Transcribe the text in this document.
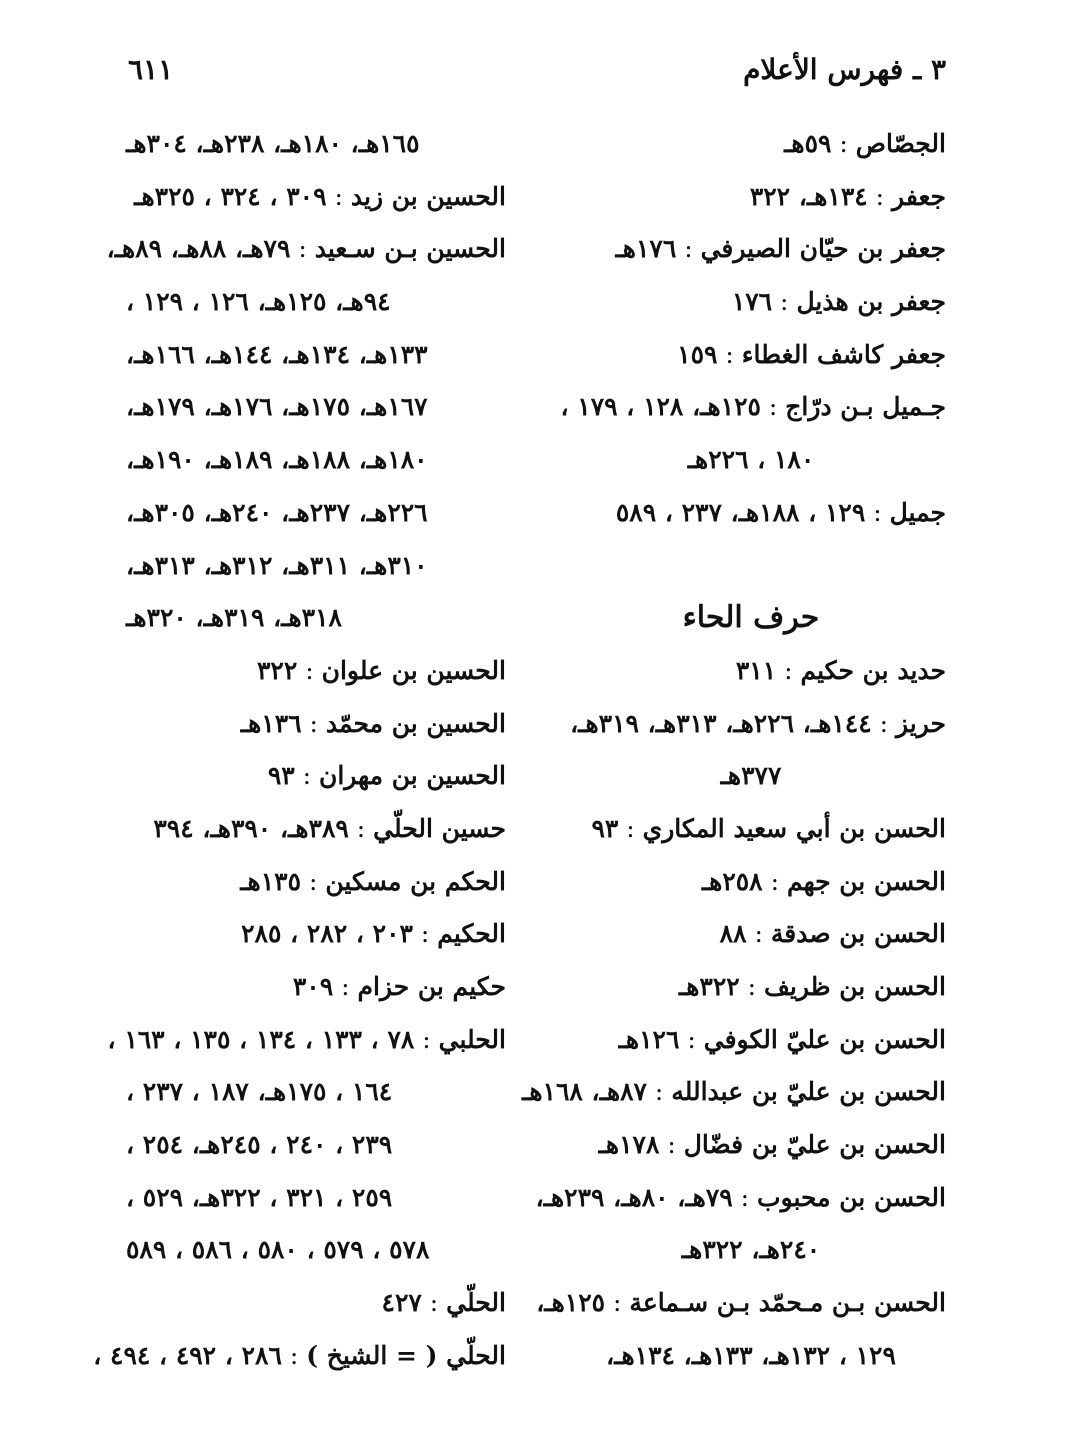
٣ ـ فهرس الأعلام
٦١١
الجصّاص : ٥٩هـ
جعفر : ١٣٤هـ، ٣٢٢
جعفر بن حيّان الصيرفي : ١٧٦هـ
جعفر بن هذيل : ١٧٦
جعفر كاشف الغطاء : ١٥٩
جـميل بـن درّاج : ١٢٥هـ، ١٢٨ ، ١٧٩ ،
١٨٠ ، ٢٢٦هـ
جميل : ١٢٩ ، ١٨٨هـ، ٢٣٧ ، ٥٨٩
حرف الحاء
حديد بن حكيم : ٣١١
حريز : ١٤٤هـ، ٢٢٦هـ، ٣١٣هـ، ٣١٩هـ،
٣٧٧هـ
الحسن بن أبي سعيد المكاري : ٩٣
الحسن بن جهم : ٢٥٨هـ
الحسن بن صدقة : ٨٨
الحسن بن ظريف : ٣٢٢هـ
الحسن بن عليّ الكوفي : ١٢٦هـ
الحسن بن عليّ بن عبدالله : ٨٧هـ، ١٦٨هـ
الحسن بن عليّ بن فضّال : ١٧٨هـ
الحسن بن محبوب : ٧٩هـ، ٨٠هـ، ٢٣٩هـ،
٢٤٠هـ، ٣٢٢هـ
الحسن بـن مـحمّد بـن سـماعة : ١٢٥هـ،
١٢٩ ، ١٣٢هـ، ١٣٣هـ، ١٣٤هـ،
١٦٥هـ، ١٨٠هـ، ٢٣٨هـ، ٣٠٤هـ
الحسين بن زيد : ٣٠٩ ، ٣٢٤ ، ٣٢٥هـ
الحسين بـن سـعيد : ٧٩هـ، ٨٨هـ، ٨٩هـ،
٩٤هـ، ١٢٥هـ، ١٢٦ ، ١٢٩ ،
١٣٣هـ، ١٣٤هـ، ١٤٤هـ، ١٦٦هـ،
١٦٧هـ، ١٧٥هـ، ١٧٦هـ، ١٧٩هـ،
١٨٠هـ، ١٨٨هـ، ١٨٩هـ، ١٩٠هـ،
٢٢٦هـ، ٢٣٧هـ، ٢٤٠هـ، ٣٠٥هـ،
٣١٠هـ، ٣١١هـ، ٣١٢هـ، ٣١٣هـ،
٣١٨هـ، ٣١٩هـ، ٣٢٠هـ
الحسين بن علوان : ٣٢٢
الحسين بن محمّد : ١٣٦هـ
الحسين بن مهران : ٩٣
حسين الحلّي : ٣٨٩هـ، ٣٩٠هـ، ٣٩٤
الحكم بن مسكين : ١٣٥هـ
الحكيم : ٢٠٣ ، ٢٨٢ ، ٢٨٥
حكيم بن حزام : ٣٠٩
الحلبي : ٧٨ ، ١٣٣ ، ١٣٤ ، ١٣٥ ، ١٦٣ ،
١٦٤ ، ١٧٥هـ، ١٨٧ ، ٢٣٧ ،
٢٣٩ ، ٢٤٠ ، ٢٤٥هـ، ٢٥٤ ،
٢٥٩ ، ٣٢١ ، ٣٢٢هـ، ٥٢٩ ،
٥٧٨ ، ٥٧٩ ، ٥٨٠ ، ٥٨٦ ، ٥٨٩
الحلّي : ٤٢٧
الحلّي ( = الشيخ ) : ٢٨٦ ، ٤٩٢ ، ٤٩٤ ،
